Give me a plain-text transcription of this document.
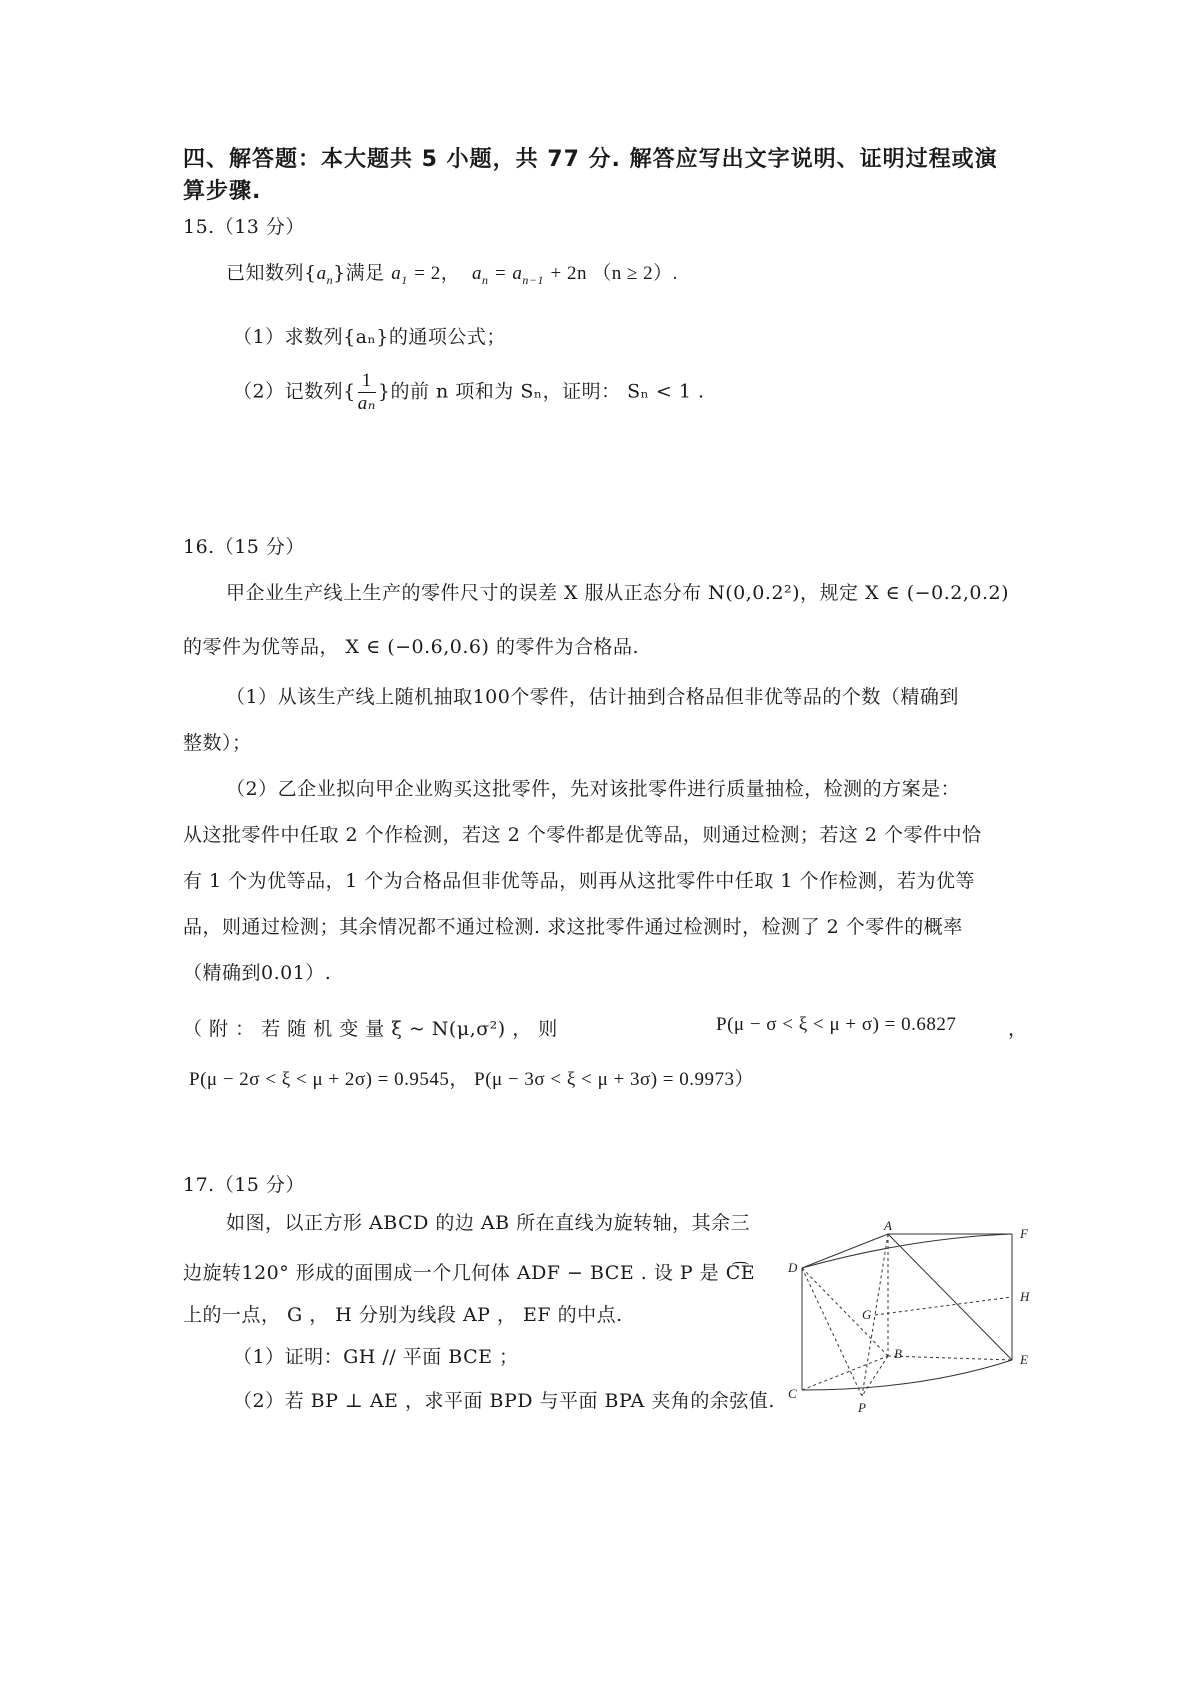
四、解答题：本大题共 5 小题，共 77 分. 解答应写出文字说明、证明过程或演
算步骤.
15.（13 分）
已知数列$\{a_n\}$满足 $a_1 = 2$，  $a_n = a_{n-1} + 2n$ （n ≥ 2）.
（1）求数列{aₙ}的通项公式；
（2）记数列{ $\frac{1}{\text{aₙ}}$ }的前 n 项和为 Sₙ，证明： Sₙ < 1 .
16.（15 分）
甲企业生产线上生产的零件尺寸的误差 X 服从正态分布 N(0,0.2²)，规定 X ∈ (−0.2,0.2)
的零件为优等品， X ∈ (−0.6,0.6) 的零件为合格品.
（1）从该生产线上随机抽取100个零件，估计抽到合格品但非优等品的个数（精确到
整数）；
（2）乙企业拟向甲企业购买这批零件，先对该批零件进行质量抽检，检测的方案是：
从这批零件中任取 2 个作检测，若这 2 个零件都是优等品，则通过检测；若这 2 个零件中恰
有 1 个为优等品，1 个为合格品但非优等品，则再从这批零件中任取 1 个作检测，若为优等
品，则通过检测；其余情况都不通过检测. 求这批零件通过检测时，检测了 2 个零件的概率
（精确到0.01）.
（ 附 ： 若 随 机 变 量 ξ ~ N(μ,σ²) ， 则	P(μ − σ < ξ < μ + σ) = 0.6827	，
P(μ − 2σ < ξ < μ + 2σ) = 0.9545， P(μ − 3σ < ξ < μ + 3σ) = 0.9973）
17.（15 分）
如图，以正方形 ABCD 的边 AB 所在直线为旋转轴，其余三
边旋转120° 形成的面围成一个几何体 ADF − BCE . 设 P 是 C͡E
上的一点， G ， H 分别为线段 AP ， EF 的中点.
（1）证明：GH // 平面 BCE ；
（2）若 BP ⊥ AE ，求平面 BPD 与平面 BPA 夹角的余弦值.
A
F
D
H
G
B	E
C
P
